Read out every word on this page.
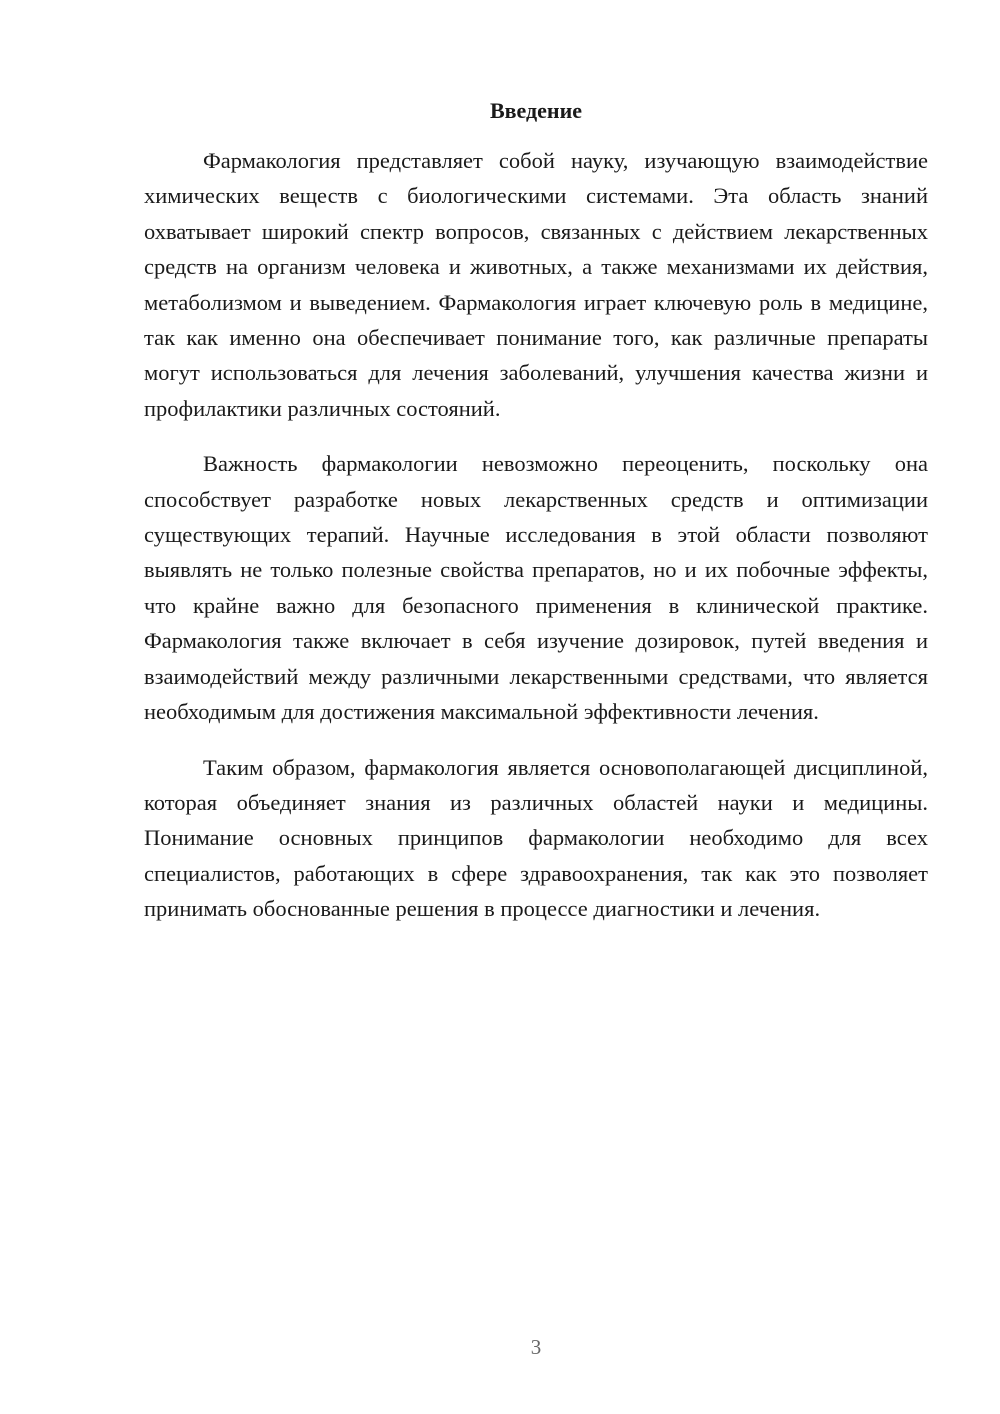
Введение

Фармакология представляет собой науку, изучающую взаимодействие химических веществ с биологическими системами. Эта область знаний охватывает широкий спектр вопросов, связанных с действием лекарственных средств на организм человека и животных, а также механизмами их действия, метаболизмом и выведением. Фармакология играет ключевую роль в медицине, так как именно она обеспечивает понимание того, как различные препараты могут использоваться для лечения заболеваний, улучшения качества жизни и профилактики различных состояний.

Важность фармакологии невозможно переоценить, поскольку она способствует разработке новых лекарственных средств и оптимизации существующих терапий. Научные исследования в этой области позволяют выявлять не только полезные свойства препаратов, но и их побочные эффекты, что крайне важно для безопасного применения в клинической практике. Фармакология также включает в себя изучение дозировок, путей введения и взаимодействий между различными лекарственными средствами, что является необходимым для достижения максимальной эффективности лечения.

Таким образом, фармакология является основополагающей дисциплиной, которая объединяет знания из различных областей науки и медицины. Понимание основных принципов фармакологии необходимо для всех специалистов, работающих в сфере здравоохранения, так как это позволяет принимать обоснованные решения в процессе диагностики и лечения.

3
